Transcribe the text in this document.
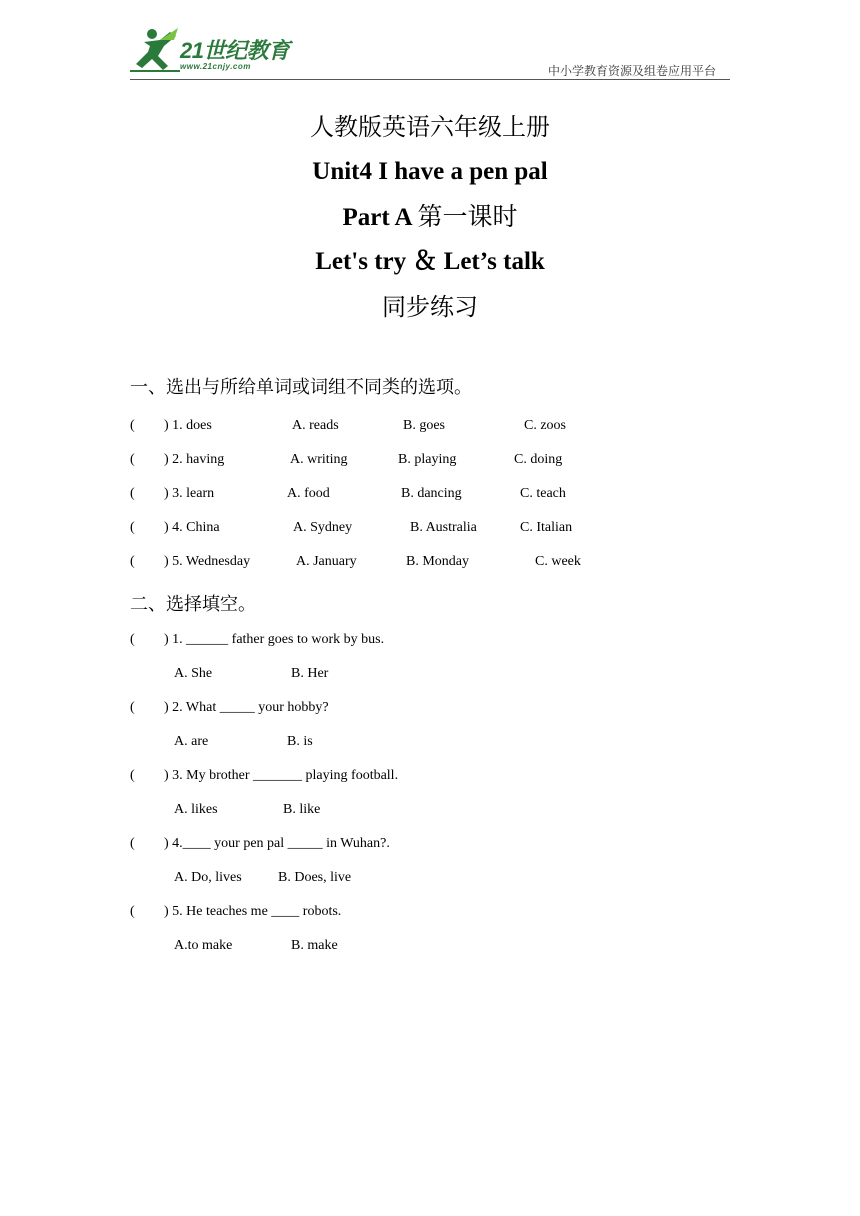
21世纪教育
www.21cnjy.com	中小学教育资源及组卷应用平台
人教版英语六年级上册
Unit4 I have a pen pal
Part A 第一课时
Let's try ＆ Let’s talk
同步练习
一、选出与所给单词或词组不同类的选项。
( ) 1. does	A. reads	B. goes	C. zoos
( ) 2. having	A. writing	B. playing	C. doing
( ) 3. learn	A. food	B. dancing	C. teach
( ) 4. China	A. Sydney	B. Australia	C. Italian
( ) 5. Wednesday	A. January	B. Monday	C. week
二、选择填空。
( ) 1. ______ father goes to work by bus.
A. She	B. Her
( ) 2. What _____ your hobby?
A. are	B. is
( ) 3. My brother _______ playing football.
A. likes	B. like
( ) 4.____ your pen pal _____ in Wuhan?.
A. Do, lives	B. Does, live
( ) 5. He teaches me ____ robots.
A.to make	B. make
